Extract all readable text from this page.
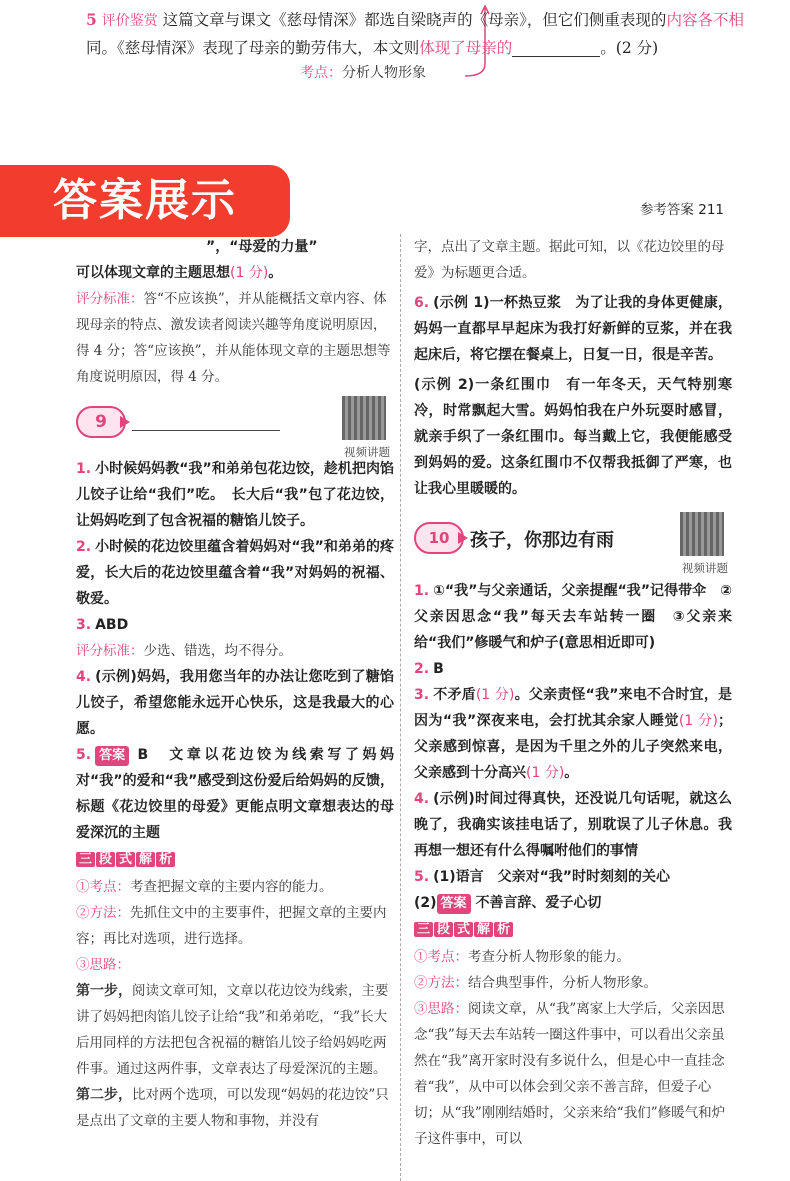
5 评价鉴赏 这篇文章与课文《慈母情深》都选自梁晓声的《母亲》，但它们侧重表现的内容各不相
同。《慈母情深》表现了母亲的勤劳伟大，本文则体现了母亲的	。(2 分)
考点：分析人物形象
答案展示	参考答案 211

”，“母爱的力量”

可以体现文章的主题思想(1 分)。

评分标准：答“不应该换”，并从能概括文章内容、体现母亲的特点、激发读者阅读兴趣等角度说明原因，得 4 分；答“应该换”，并从能体现文章的主题思想等角度说明原因，得 4 分。

9
视频讲题

1. 小时候妈妈教“我”和弟弟包花边饺，趁机把肉馅儿饺子让给“我们”吃。　长大后“我”包了花边饺，让妈妈吃到了包含祝福的糖馅儿饺子。

2. 小时候的花边饺里蕴含着妈妈对“我”和弟弟的疼爱，长大后的花边饺里蕴含着“我”对妈妈的祝福、敬爱。

3. ABD

评分标准：少选、错选，均不得分。

4. (示例)妈妈，我用您当年的办法让您吃到了糖馅儿饺子，希望您能永远开心快乐，这是我最大的心愿。

5. 答案 B　文章以花边饺为线索写了妈妈对“我”的爱和“我”感受到这份爱后给妈妈的反馈，标题《花边饺里的母爱》更能点明文章想表达的母爱深沉的主题

三 段 式 解 析

①考点：考查把握文章的主要内容的能力。

②方法：先抓住文中的主要事件，把握文章的主要内容；再比对选项，进行选择。

③思路：

第一步，阅读文章可知，文章以花边饺为线索，主要讲了妈妈把肉馅儿饺子让给“我”和弟弟吃，“我”长大后用同样的方法把包含祝福的糖馅儿饺子给妈妈吃两件事。通过这两件事，文章表达了母爱深沉的主题。

第二步，比对两个选项，可以发现“妈妈的花边饺”只是点出了文章的主要人物和事物，并没有

字，点出了文章主题。据此可知，以《花边饺里的母爱》为标题更合适。

6. (示例 1)一杯热豆浆　为了让我的身体更健康，妈妈一直都早早起床为我打好新鲜的豆浆，并在我起床后，将它摆在餐桌上，日复一日，很是辛苦。

(示例 2)一条红围巾　有一年冬天，天气特别寒冷，时常飘起大雪。妈妈怕我在户外玩耍时感冒，就亲手织了一条红围巾。每当戴上它，我便能感受到妈妈的爱。这条红围巾不仅帮我抵御了严寒，也让我心里暖暖的。

10	孩子，你那边有雨
视频讲题

1. ①“我”与父亲通话，父亲提醒“我”记得带伞　②父亲因思念“我”每天去车站转一圈　③父亲来给“我们”修暖气和炉子(意思相近即可)

2. B

3. 不矛盾(1 分)。父亲责怪“我”来电不合时宜，是因为“我”深夜来电，会打扰其余家人睡觉(1 分)；父亲感到惊喜，是因为千里之外的儿子突然来电，父亲感到十分高兴(1 分)。

4. (示例)时间过得真快，还没说几句话呢，就这么晚了，我确实该挂电话了，别耽误了儿子休息。我再想一想还有什么得嘱咐他们的事情

5. (1)语言　父亲对“我”时时刻刻的关心

(2) 答案 不善言辞、爱子心切

三 段 式 解 析

①考点：考查分析人物形象的能力。

②方法：结合典型事件，分析人物形象。

③思路：阅读文章，从“我”离家上大学后，父亲因思念“我”每天去车站转一圈这件事中，可以看出父亲虽然在“我”离开家时没有多说什么，但是心中一直挂念着“我”，从中可以体会到父亲不善言辞，但爱子心切；从“我”刚刚结婚时，父亲来给“我们”修暖气和炉子这件事中，可以
